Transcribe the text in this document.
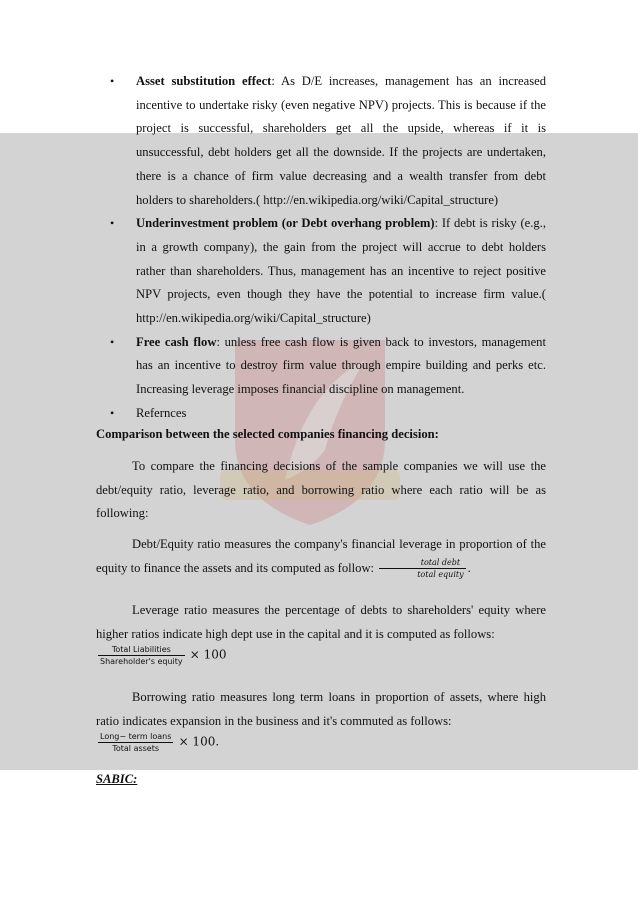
• Asset substitution effect: As D/E increases, management has an increased incentive to undertake risky (even negative NPV) projects. This is because if the project is successful, shareholders get all the upside, whereas if it is unsuccessful, debt holders get all the downside. If the projects are undertaken, there is a chance of firm value decreasing and a wealth transfer from debt holders to shareholders.( http://en.wikipedia.org/wiki/Capital_structure)
• Underinvestment problem (or Debt overhang problem): If debt is risky (e.g., in a growth company), the gain from the project will accrue to debt holders rather than shareholders. Thus, management has an incentive to reject positive NPV projects, even though they have the potential to increase firm value.( http://en.wikipedia.org/wiki/Capital_structure)
• Free cash flow: unless free cash flow is given back to investors, management has an incentive to destroy firm value through empire building and perks etc. Increasing leverage imposes financial discipline on management.
• Refernces
Comparison between the selected companies financing decision:
To compare the financing decisions of the sample companies we will use the debt/equity ratio, leverage ratio, and borrowing ratio where each ratio will be as following:
Debt/Equity ratio measures the company's financial leverage in proportion of the equity to finance the assets and its computed as follow: $\frac{\text{total debt}}{\text{total equity}}$ .
Leverage ratio measures the percentage of debts to shareholders' equity where higher ratios indicate high dept use in the capital and it is computed as follows:
$\frac{\text{Total Liabilities}}{\text{Shareholder's equity}} \times 100$
Borrowing ratio measures long term loans in proportion of assets, where high ratio indicates expansion in the business and it's commuted as follows:
$\frac{\text{Long− term loans}}{\text{Total assets}} \times 100$.
SABIC:
